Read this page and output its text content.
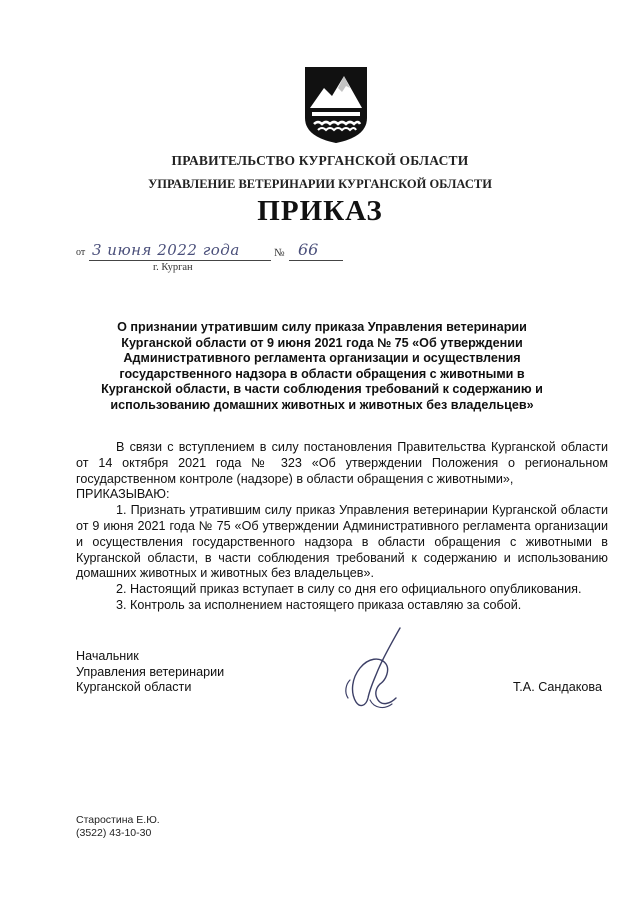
ПРАВИТЕЛЬСТВО КУРГАНСКОЙ ОБЛАСТИ
УПРАВЛЕНИЕ ВЕТЕРИНАРИИ КУРГАНСКОЙ ОБЛАСТИ
ПРИКАЗ
от 3 июня 2022 года	№ 66
г. Курган
О признании утратившим силу приказа Управления ветеринарии Курганской области от 9 июня 2021 года № 75 «Об утверждении Административного регламента организации и осуществления государственного надзора в области обращения с животными в Курганской области, в части соблюдения требований к содержанию и использованию домашних животных и животных без владельцев»

В связи с вступлением в силу постановления Правительства Курганской области от 14 октября 2021 года № 323 «Об утверждении Положения о региональном государственном контроле (надзоре) в области обращения с животными»,

ПРИКАЗЫВАЮ:

1. Признать утратившим силу приказ Управления ветеринарии Курганской области от 9 июня 2021 года № 75 «Об утверждении Административного регламента организации и осуществления государственного надзора в области обращения с животными в Курганской области, в части соблюдения требований к содержанию и использованию домашних животных и животных без владельцев».

2. Настоящий приказ вступает в силу со дня его официального опубликования.

3. Контроль за исполнением настоящего приказа оставляю за собой.

Начальник
Управления ветеринарии
Курганской области	Т.А. Сандакова
Старостина Е.Ю.
(3522) 43-10-30
